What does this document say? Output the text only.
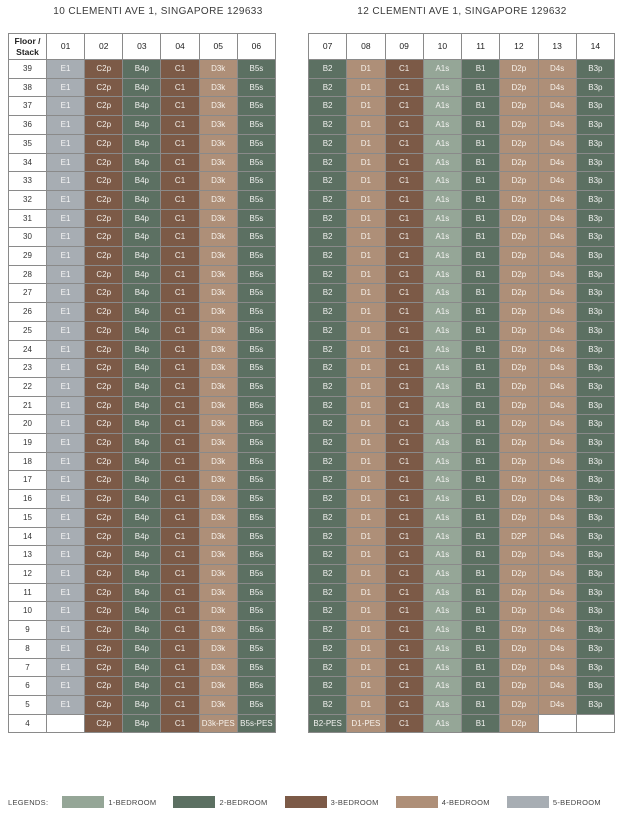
10 CLEMENTI AVE 1, SINGAPORE 129633	12 CLEMENTI AVE 1, SINGAPORE 129632
Floor /
Stack	01	02	03	04	05	06
39	E1	C2p	B4p	C1	D3k	B5s
38	E1	C2p	B4p	C1	D3k	B5s
37	E1	C2p	B4p	C1	D3k	B5s
36	E1	C2p	B4p	C1	D3k	B5s
35	E1	C2p	B4p	C1	D3k	B5s
34	E1	C2p	B4p	C1	D3k	B5s
33	E1	C2p	B4p	C1	D3k	B5s
32	E1	C2p	B4p	C1	D3k	B5s
31	E1	C2p	B4p	C1	D3k	B5s
30	E1	C2p	B4p	C1	D3k	B5s
29	E1	C2p	B4p	C1	D3k	B5s
28	E1	C2p	B4p	C1	D3k	B5s
27	E1	C2p	B4p	C1	D3k	B5s
26	E1	C2p	B4p	C1	D3k	B5s
25	E1	C2p	B4p	C1	D3k	B5s
24	E1	C2p	B4p	C1	D3k	B5s
23	E1	C2p	B4p	C1	D3k	B5s
22	E1	C2p	B4p	C1	D3k	B5s
21	E1	C2p	B4p	C1	D3k	B5s
20	E1	C2p	B4p	C1	D3k	B5s
19	E1	C2p	B4p	C1	D3k	B5s
18	E1	C2p	B4p	C1	D3k	B5s
17	E1	C2p	B4p	C1	D3k	B5s
16	E1	C2p	B4p	C1	D3k	B5s
15	E1	C2p	B4p	C1	D3k	B5s
14	E1	C2p	B4p	C1	D3k	B5s
13	E1	C2p	B4p	C1	D3k	B5s
12	E1	C2p	B4p	C1	D3k	B5s
11	E1	C2p	B4p	C1	D3k	B5s
10	E1	C2p	B4p	C1	D3k	B5s
9	E1	C2p	B4p	C1	D3k	B5s
8	E1	C2p	B4p	C1	D3k	B5s
7	E1	C2p	B4p	C1	D3k	B5s
6	E1	C2p	B4p	C1	D3k	B5s
5	E1	C2p	B4p	C1	D3k	B5s
4		C2p	B4p	C1	D3k-PES	B5s-PES
07	08	09	10	11	12	13	14
B2	D1	C1	A1s	B1	D2p	D4s	B3p
B2	D1	C1	A1s	B1	D2p	D4s	B3p
B2	D1	C1	A1s	B1	D2p	D4s	B3p
B2	D1	C1	A1s	B1	D2p	D4s	B3p
B2	D1	C1	A1s	B1	D2p	D4s	B3p
B2	D1	C1	A1s	B1	D2p	D4s	B3p
B2	D1	C1	A1s	B1	D2p	D4s	B3p
B2	D1	C1	A1s	B1	D2p	D4s	B3p
B2	D1	C1	A1s	B1	D2p	D4s	B3p
B2	D1	C1	A1s	B1	D2p	D4s	B3p
B2	D1	C1	A1s	B1	D2p	D4s	B3p
B2	D1	C1	A1s	B1	D2p	D4s	B3p
B2	D1	C1	A1s	B1	D2p	D4s	B3p
B2	D1	C1	A1s	B1	D2p	D4s	B3p
B2	D1	C1	A1s	B1	D2p	D4s	B3p
B2	D1	C1	A1s	B1	D2p	D4s	B3p
B2	D1	C1	A1s	B1	D2p	D4s	B3p
B2	D1	C1	A1s	B1	D2p	D4s	B3p
B2	D1	C1	A1s	B1	D2p	D4s	B3p
B2	D1	C1	A1s	B1	D2p	D4s	B3p
B2	D1	C1	A1s	B1	D2p	D4s	B3p
B2	D1	C1	A1s	B1	D2p	D4s	B3p
B2	D1	C1	A1s	B1	D2p	D4s	B3p
B2	D1	C1	A1s	B1	D2p	D4s	B3p
B2	D1	C1	A1s	B1	D2p	D4s	B3p
B2	D1	C1	A1s	B1	D2P	D4s	B3p
B2	D1	C1	A1s	B1	D2p	D4s	B3p
B2	D1	C1	A1s	B1	D2p	D4s	B3p
B2	D1	C1	A1s	B1	D2p	D4s	B3p
B2	D1	C1	A1s	B1	D2p	D4s	B3p
B2	D1	C1	A1s	B1	D2p	D4s	B3p
B2	D1	C1	A1s	B1	D2p	D4s	B3p
B2	D1	C1	A1s	B1	D2p	D4s	B3p
B2	D1	C1	A1s	B1	D2p	D4s	B3p
B2	D1	C1	A1s	B1	D2p	D4s	B3p
B2-PES	D1-PES	C1	A1s	B1	D2p		
LEGENDS:	1-BEDROOM	2-BEDROOM	3-BEDROOM	4-BEDROOM	5-BEDROOM
